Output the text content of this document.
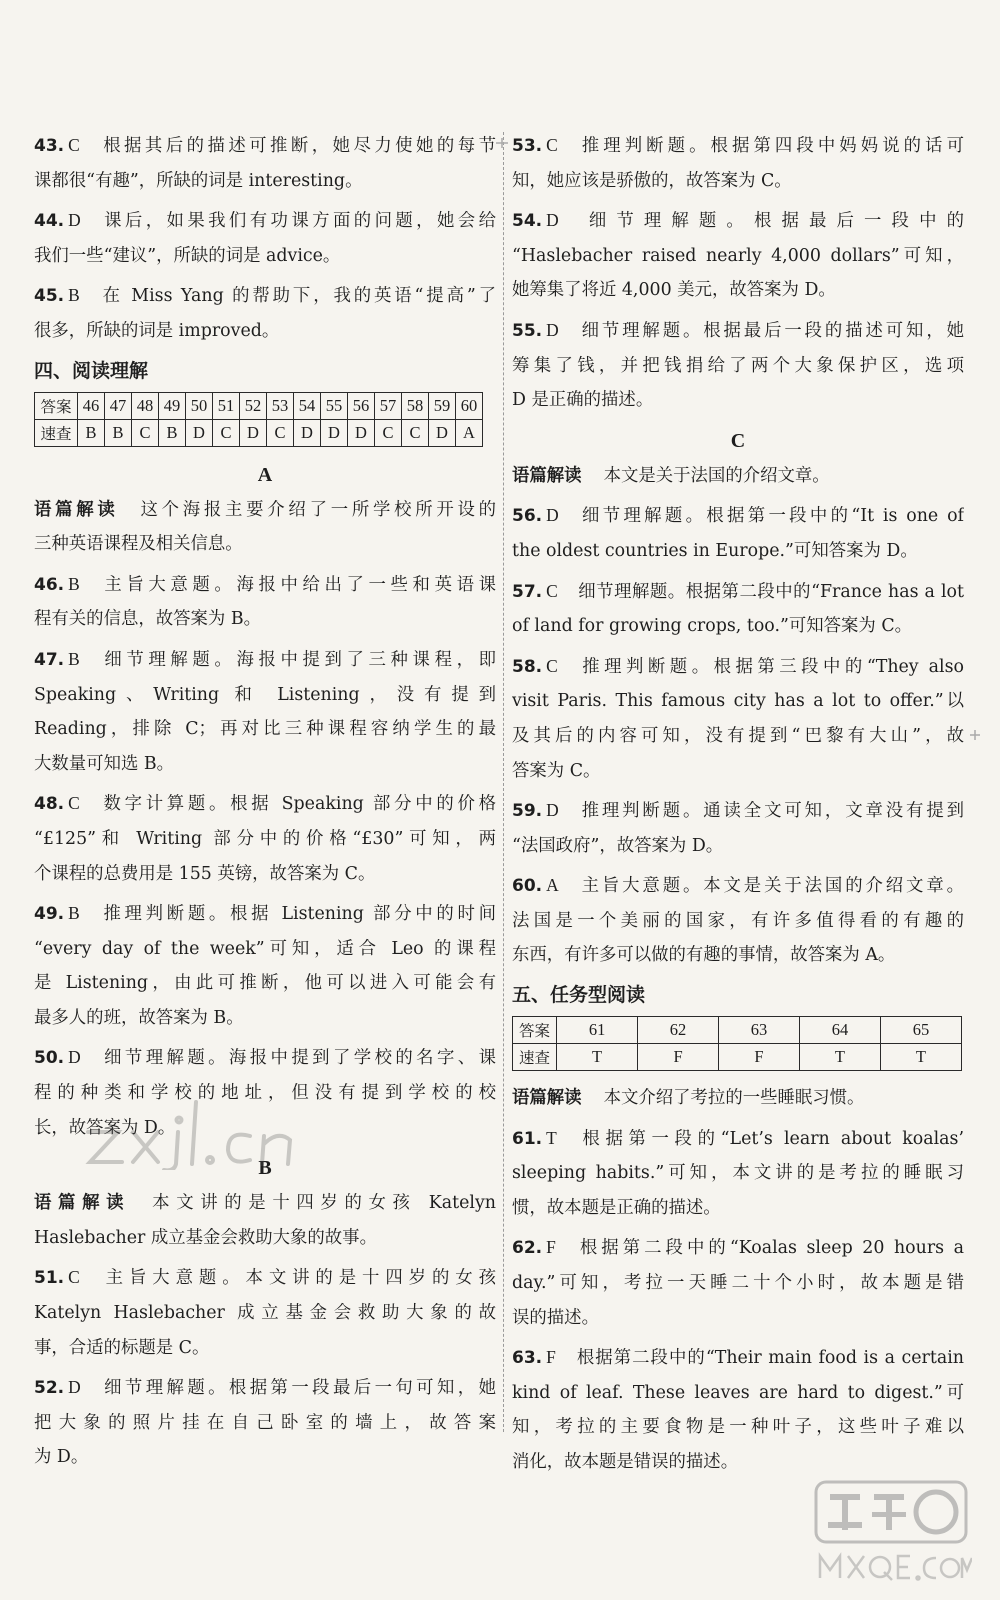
43. C 根据其后的描述可推断，她尽力使她的每节
课都很“有趣”，所缺的词是 interesting。
44. D 课后，如果我们有功课方面的问题，她会给
我们一些“建议”，所缺的词是 advice。
45. B 在 Miss Yang 的帮助下，我的英语“提高”了
很多，所缺的词是 improved。
四、阅读理解
答案	46	47	48	49	50	51	52	53	54	55	56	57	58	59	60
速查	B	B	C	B	D	C	D	C	D	D	D	C	C	D	A
A
语篇解读 这个海报主要介绍了一所学校所开设的
三种英语课程及相关信息。
46. B 主旨大意题。海报中给出了一些和英语课
程有关的信息，故答案为 B。
47. B 细节理解题。海报中提到了三种课程，即
Speaking、Writing 和 Listening，没有提到
Reading，排除 C；再对比三种课程容纳学生的最
大数量可知选 B。
48. C 数字计算题。根据 Speaking 部分中的价格
“£125”和 Writing 部分中的价格“£30”可知，两
个课程的总费用是 155 英镑，故答案为 C。
49. B 推理判断题。根据 Listening 部分中的时间
“every day of the week”可知，适合 Leo 的课程
是 Listening，由此可推断，他可以进入可能会有
最多人的班，故答案为 B。
50. D 细节理解题。海报中提到了学校的名字、课
程的种类和学校的地址，但没有提到学校的校
长，故答案为 D。
B
语篇解读 本文讲的是十四岁的女孩 Katelyn
Haslebacher 成立基金会救助大象的故事。
51. C 主旨大意题。本文讲的是十四岁的女孩
Katelyn Haslebacher 成立基金会救助大象的故
事，合适的标题是 C。
52. D 细节理解题。根据第一段最后一句可知，她
把大象的照片挂在自己卧室的墙上，故答案
为 D。
53. C 推理判断题。根据第四段中妈妈说的话可
知，她应该是骄傲的，故答案为 C。
54. D 细节理解题。根据最后一段中的
“Haslebacher raised nearly 4,000 dollars”可知，
她筹集了将近 4,000 美元，故答案为 D。
55. D 细节理解题。根据最后一段的描述可知，她
筹集了钱，并把钱捐给了两个大象保护区，选项
D 是正确的描述。
C
语篇解读 本文是关于法国的介绍文章。
56. D 细节理解题。根据第一段中的“It is one of
the oldest countries in Europe.”可知答案为 D。
57. C 细节理解题。根据第二段中的“France has a lot
of land for growing crops, too.”可知答案为 C。
58. C 推理判断题。根据第三段中的“They also
visit Paris. This famous city has a lot to offer.”以
及其后的内容可知，没有提到“巴黎有大山”，故
答案为 C。
59. D 推理判断题。通读全文可知，文章没有提到
“法国政府”，故答案为 D。
60. A 主旨大意题。本文是关于法国的介绍文章。
法国是一个美丽的国家，有许多值得看的有趣的
东西，有许多可以做的有趣的事情，故答案为 A。
五、任务型阅读
答案	61	62	63	64	65
速查	T	F	F	T	T
语篇解读 本文介绍了考拉的一些睡眠习惯。
61. T 根据第一段的“Let’s learn about koalas’
sleeping habits.”可知，本文讲的是考拉的睡眠习
惯，故本题是正确的描述。
62. F 根据第二段中的“Koalas sleep 20 hours a
day.”可知，考拉一天睡二十个小时，故本题是错
误的描述。
63. F 根据第二段中的“Their main food is a certain
kind of leaf. These leaves are hard to digest.”可
知，考拉的主要食物是一种叶子，这些叶子难以
消化，故本题是错误的描述。
